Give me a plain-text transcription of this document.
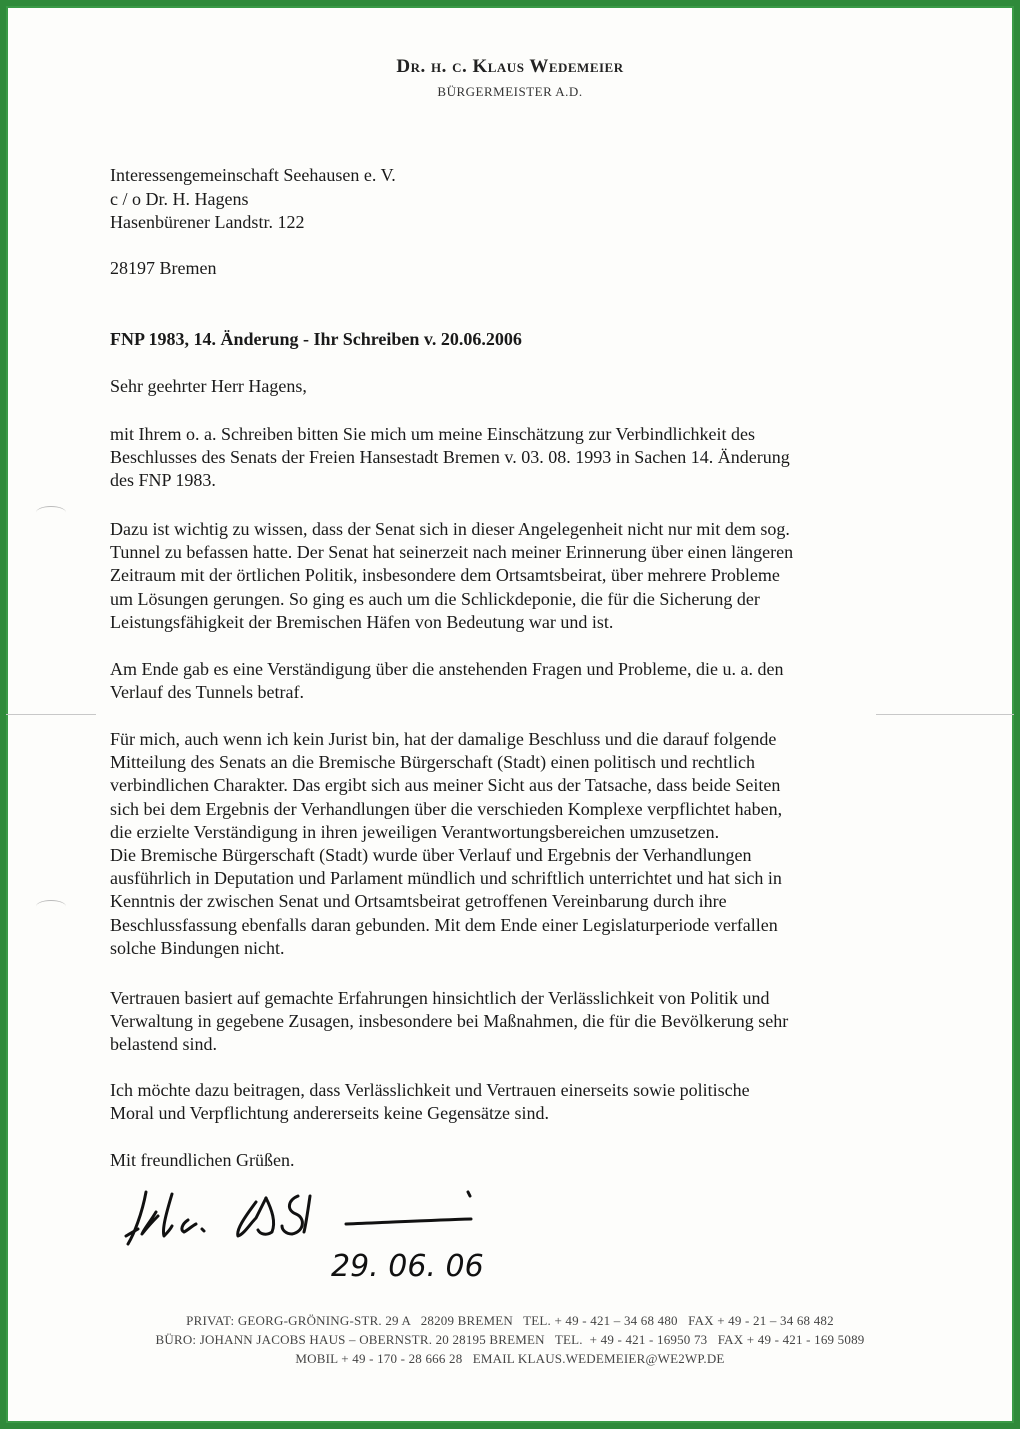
Dr. h. c. Klaus Wedemeier
BÜRGERMEISTER A.D.
Interessengemeinschaft Seehausen e. V.
c / o Dr. H. Hagens
Hasenbürener Landstr. 122
28197 Bremen
FNP 1983, 14. Änderung - Ihr Schreiben v. 20.06.2006
Sehr geehrter Herr Hagens,
mit Ihrem o. a. Schreiben bitten Sie mich um meine Einschätzung zur Verbindlichkeit des
Beschlusses des Senats der Freien Hansestadt Bremen v. 03. 08. 1993 in Sachen 14. Änderung
des FNP 1983.
Dazu ist wichtig zu wissen, dass der Senat sich in dieser Angelegenheit nicht nur mit dem sog.
Tunnel zu befassen hatte. Der Senat hat seinerzeit nach meiner Erinnerung über einen längeren
Zeitraum mit der örtlichen Politik, insbesondere dem Ortsamtsbeirat, über mehrere Probleme
um Lösungen gerungen. So ging es auch um die Schlickdeponie, die für die Sicherung der
Leistungsfähigkeit der Bremischen Häfen von Bedeutung war und ist.
Am Ende gab es eine Verständigung über die anstehenden Fragen und Probleme, die u. a. den
Verlauf des Tunnels betraf.
Für mich, auch wenn ich kein Jurist bin, hat der damalige Beschluss und die darauf folgende
Mitteilung des Senats an die Bremische Bürgerschaft (Stadt) einen politisch und rechtlich
verbindlichen Charakter. Das ergibt sich aus meiner Sicht aus der Tatsache, dass beide Seiten
sich bei dem Ergebnis der Verhandlungen über die verschieden Komplexe verpflichtet haben,
die erzielte Verständigung in ihren jeweiligen Verantwortungsbereichen umzusetzen.
Die Bremische Bürgerschaft (Stadt) wurde über Verlauf und Ergebnis der Verhandlungen
ausführlich in Deputation und Parlament mündlich und schriftlich unterrichtet und hat sich in
Kenntnis der zwischen Senat und Ortsamtsbeirat getroffenen Vereinbarung durch ihre
Beschlussfassung ebenfalls daran gebunden. Mit dem Ende einer Legislaturperiode verfallen
solche Bindungen nicht.
Vertrauen basiert auf gemachte Erfahrungen hinsichtlich der Verlässlichkeit von Politik und
Verwaltung in gegebene Zusagen, insbesondere bei Maßnahmen, die für die Bevölkerung sehr
belastend sind.
Ich möchte dazu beitragen, dass Verlässlichkeit und Vertrauen einerseits sowie politische
Moral und Verpflichtung andererseits keine Gegensätze sind.
Mit freundlichen Grüßen.
29. 06. 06
PRIVAT: GEORG-GRÖNING-STR. 29 A   28209 BREMEN   TEL. + 49 - 421 – 34 68 480   FAX + 49 - 21 – 34 68 482
BÜRO: JOHANN JACOBS HAUS – OBERNSTR. 20 28195 BREMEN   TEL.  + 49 - 421 - 16950 73   FAX + 49 - 421 - 169 5089
MOBIL + 49 - 170 - 28 666 28   EMAIL KLAUS.WEDEMEIER@WE2WP.DE
